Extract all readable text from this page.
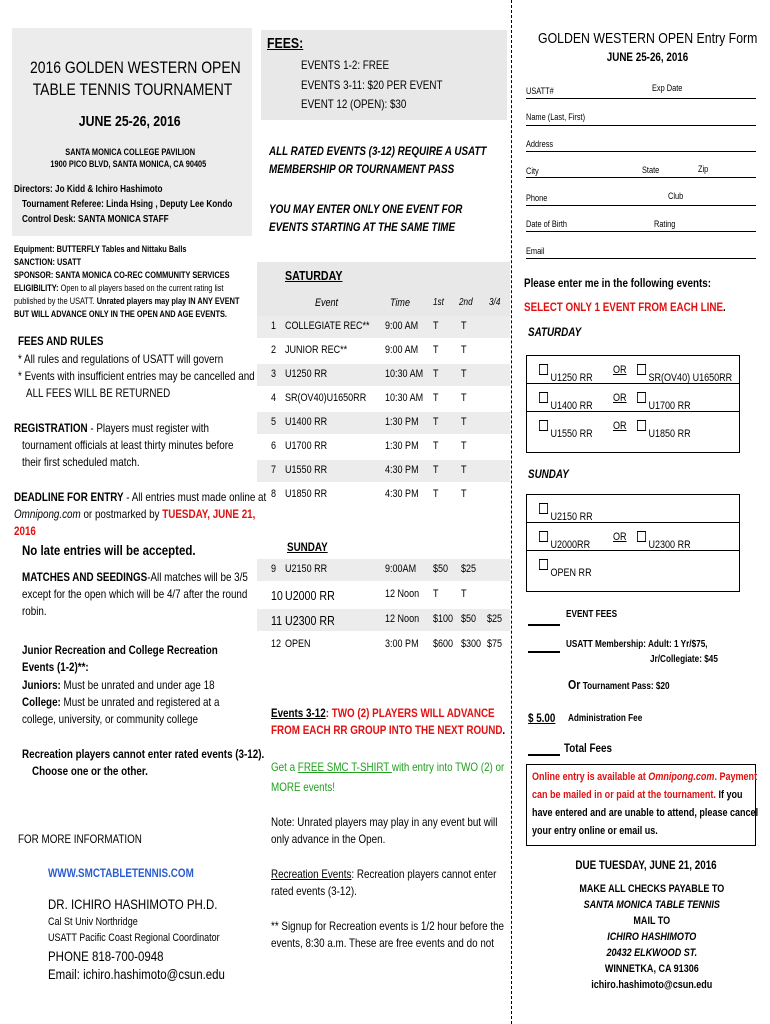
2016 GOLDEN WESTERN OPEN
TABLE TENNIS TOURNAMENT
JUNE 25-26, 2016
SANTA MONICA COLLEGE PAVILION
1900 PICO BLVD, SANTA MONICA, CA 90405
Directors: Jo Kidd & Ichiro Hashimoto
Tournament Referee: Linda Hsing , Deputy Lee Kondo
Control Desk: SANTA MONICA STAFF
Equipment: BUTTERFLY Tables and Nittaku Balls
SANCTION: USATT
SPONSOR: SANTA MONICA CO-REC COMMUNITY SERVICES
ELIGIBILITY: Open to all players based on the current rating list
published by the USATT. Unrated players may play IN ANY EVENT
BUT WILL ADVANCE ONLY IN THE OPEN AND AGE EVENTS.
FEES AND RULES
* All rules and regulations of USATT will govern
* Events with insufficient entries may be cancelled and
ALL FEES WILL BE RETURNED
REGISTRATION - Players must register with
tournament officials at least thirty minutes before
their first scheduled match.
DEADLINE FOR ENTRY - All entries must made online at
Omnipong.com or postmarked by TUESDAY, JUNE 21,
2016
No late entries will be accepted.
MATCHES AND SEEDINGS-All matches will be 3/5
except for the open which will be 4/7 after the round
robin.
Junior Recreation and College Recreation
Events (1-2)**:
Juniors: Must be unrated and under age 18
College: Must be unrated and registered at a
college, university, or community college
Recreation players cannot enter rated events (3-12).
Choose one or the other.
FOR MORE INFORMATION
WWW.SMCTABLETENNIS.COM
DR. ICHIRO HASHIMOTO PH.D.
Cal St Univ Northridge
USATT Pacific Coast Regional Coordinator
PHONE 818-700-0948
Email: ichiro.hashimoto@csun.edu
FEES:
EVENTS 1-2: FREE
EVENTS 3-11: $20 PER EVENT
EVENT 12 (OPEN): $30
ALL RATED EVENTS (3-12) REQUIRE A USATT
MEMBERSHIP OR TOURNAMENT PASS
YOU MAY ENTER ONLY ONE EVENT FOR
EVENTS STARTING AT THE SAME TIME
SATURDAY
Event	Time 1st 2nd 3/4
1 COLLEGIATE REC** 9:00 AM T T
2 JUNIOR REC**	9:00 AM T T
3 U1250 RR	10:30 AM T T
4 SR(OV40)U1650RR 10:30 AM T T
5 U1400 RR	1:30 PM T T
6 U1700 RR	1:30 PM T T
7 U1550 RR	4:30 PM T T
8 U1850 RR	4:30 PM T T
SUNDAY
9 U2150 RR	9:00AM $50 $25
10 U2000 RR	12 Noon T T
11 U2300 RR	12 Noon $100 $50 $25
12 OPEN	3:00 PM $600 $300 $75
Events 3-12: TWO (2) PLAYERS WILL ADVANCE
FROM EACH RR GROUP INTO THE NEXT ROUND.
Get a FREE SMC T-SHIRT with entry into TWO (2) or
MORE events!
Note: Unrated players may play in any event but will
only advance in the Open.
Recreation Events: Recreation players cannot enter
rated events (3-12).
** Signup for Recreation events is 1/2 hour before the
events, 8:30 a.m. These are free events and do not
GOLDEN WESTERN OPEN Entry Form
JUNE 25-26, 2016
USATT#	Exp Date
Name (Last, First)
Address
City	State	Zip
Phone	Club
Date of Birth	Rating
Email
Please enter me in the following events:
SELECT ONLY 1 EVENT FROM EACH LINE.
SATURDAY
U1250 RR
OR
SR(OV40) U1650RR
U1400 RR
OR
U1700 RR
U1550 RR
OR
U1850 RR
SUNDAY
U2150 RR
U2000RR
OR
U2300 RR
OPEN RR
EVENT FEES
USATT Membership: Adult: 1 Yr/$75,
Jr/Collegiate: $45
Or Tournament Pass: $20
$ 5.00 Administration Fee
Total Fees
Online entry is available at Omnipong.com. Payment
can be mailed in or paid at the tournament. If you
have entered and are unable to attend, please cancel
your entry online or email us.
DUE TUESDAY, JUNE 21, 2016
MAKE ALL CHECKS PAYABLE TO
SANTA MONICA TABLE TENNIS
MAIL TO
ICHIRO HASHIMOTO
20432 ELKWOOD ST.
WINNETKA, CA 91306
ichiro.hashimoto@csun.edu
